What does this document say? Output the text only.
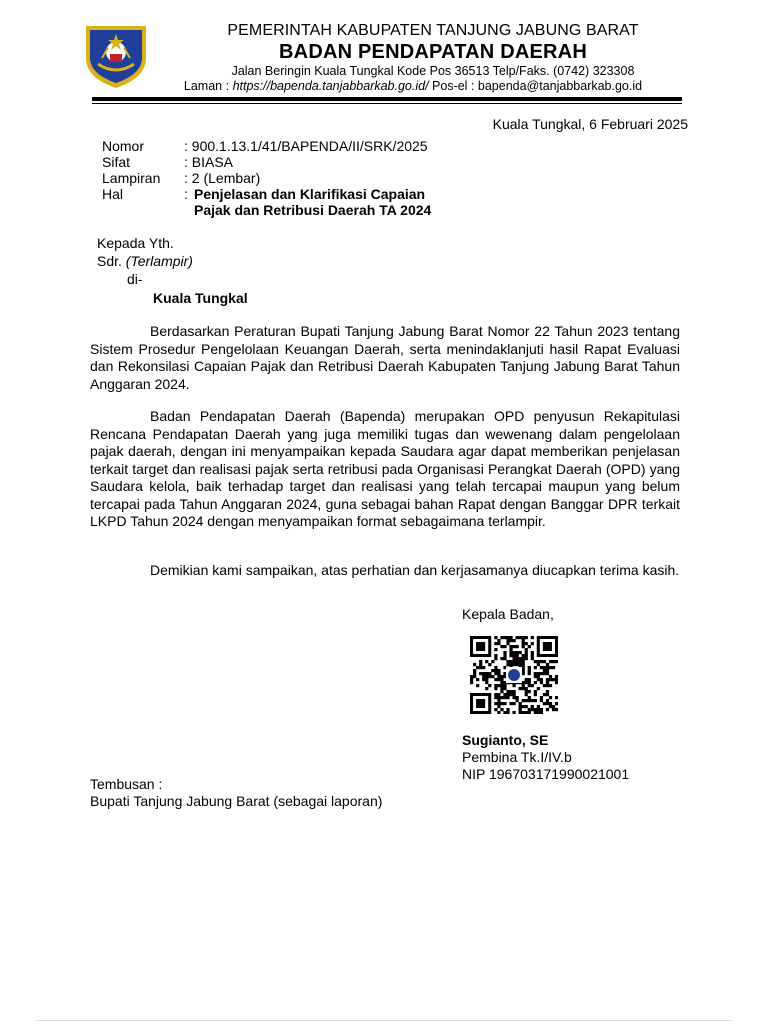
PEMERINTAH KABUPATEN TANJUNG JABUNG BARAT
BADAN PENDAPATAN DAERAH
Jalan Beringin Kuala Tungkal Kode Pos 36513 Telp/Faks. (0742) 323308
Laman : https://bapenda.tanjabbarkab.go.id/ Pos-el : bapenda@tanjabbarkab.go.id
Kuala Tungkal, 6 Februari 2025
Nomor	: 900.1.13.1/41/BAPENDA/II/SRK/2025
Sifat	: BIASA
Lampiran	: 2 (Lembar)
Hal	: Penjelasan dan Klarifikasi Capaian
Pajak dan Retribusi Daerah TA 2024
Kepada Yth.
Sdr. (Terlampir)
di-
Kuala Tungkal
Berdasarkan Peraturan Bupati Tanjung Jabung Barat Nomor 22 Tahun 2023 tentang Sistem Prosedur Pengelolaan Keuangan Daerah, serta menindaklanjuti hasil Rapat Evaluasi dan Rekonsilasi Capaian Pajak dan Retribusi Daerah Kabupaten Tanjung Jabung Barat Tahun Anggaran 2024.
Badan Pendapatan Daerah (Bapenda) merupakan OPD penyusun Rekapitulasi Rencana Pendapatan Daerah yang juga memiliki tugas dan wewenang dalam pengelolaan pajak daerah, dengan ini menyampaikan kepada Saudara agar dapat memberikan penjelasan terkait target dan realisasi pajak serta retribusi pada Organisasi Perangkat Daerah (OPD) yang Saudara kelola, baik terhadap target dan realisasi yang telah tercapai maupun yang belum tercapai pada Tahun Anggaran 2024, guna sebagai bahan Rapat dengan Banggar DPR terkait LKPD Tahun 2024 dengan menyampaikan format sebagaimana terlampir.
Demikian kami sampaikan, atas perhatian dan kerjasamanya diucapkan terima kasih.
Kepala Badan,
Sugianto, SE
Pembina Tk.I/IV.b
NIP 196703171990021001
Tembusan :
Bupati Tanjung Jabung Barat (sebagai laporan)
